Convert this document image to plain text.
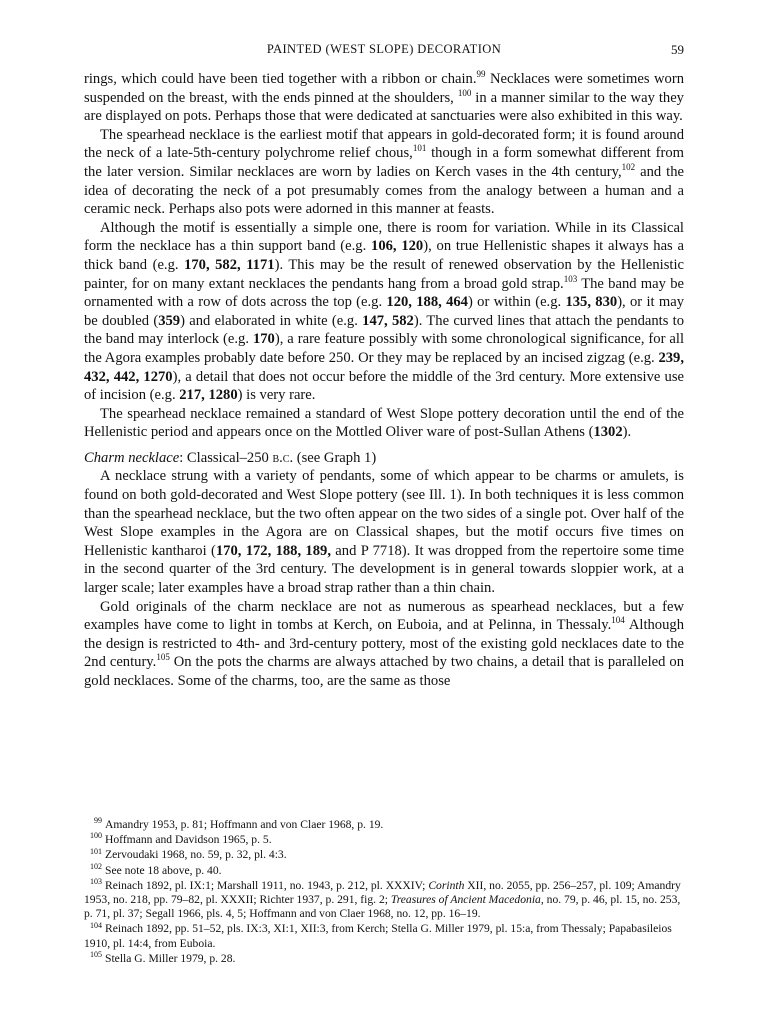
PAINTED (WEST SLOPE) DECORATION	59

rings, which could have been tied together with a ribbon or chain.$^{99}$ Necklaces were sometimes worn suspended on the breast, with the ends pinned at the shoulders, $^{100}$ in a manner similar to the way they are displayed on pots. Perhaps those that were dedicated at sanctuaries were also exhibited in this way.

The spearhead necklace is the earliest motif that appears in gold-decorated form; it is found around the neck of a late-5th-century polychrome relief chous,$^{101}$ though in a form somewhat different from the later version. Similar necklaces are worn by ladies on Kerch vases in the 4th century,$^{102}$ and the idea of decorating the neck of a pot presumably comes from the analogy between a human and a ceramic neck. Perhaps also pots were adorned in this manner at feasts.

Although the motif is essentially a simple one, there is room for variation. While in its Classical form the necklace has a thin support band (e.g. 106, 120), on true Hellenistic shapes it always has a thick band (e.g. 170, 582, 1171). This may be the result of renewed observation by the Hellenistic painter, for on many extant necklaces the pendants hang from a broad gold strap.$^{103}$ The band may be ornamented with a row of dots across the top (e.g. 120, 188, 464) or within (e.g. 135, 830), or it may be doubled (359) and elaborated in white (e.g. 147, 582). The curved lines that attach the pendants to the band may interlock (e.g. 170), a rare feature possibly with some chronological significance, for all the Agora examples probably date before 250. Or they may be replaced by an incised zigzag (e.g. 239, 432, 442, 1270), a detail that does not occur before the middle of the 3rd century. More extensive use of incision (e.g. 217, 1280) is very rare.

The spearhead necklace remained a standard of West Slope pottery decoration until the end of the Hellenistic period and appears once on the Mottled Oliver ware of post-Sullan Athens (1302).

Charm necklace: Classical–250 b.c. (see Graph 1)

A necklace strung with a variety of pendants, some of which appear to be charms or amulets, is found on both gold-decorated and West Slope pottery (see Ill. 1). In both techniques it is less common than the spearhead necklace, but the two often appear on the two sides of a single pot. Over half of the West Slope examples in the Agora are on Classical shapes, but the motif occurs five times on Hellenistic kantharoi (170, 172, 188, 189, and P 7718). It was dropped from the repertoire some time in the second quarter of the 3rd century. The development is in general towards sloppier work, at a larger scale; later examples have a broad strap rather than a thin chain.

Gold originals of the charm necklace are not as numerous as spearhead necklaces, but a few examples have come to light in tombs at Kerch, on Euboia, and at Pelinna, in Thessaly.$^{104}$ Although the design is restricted to 4th- and 3rd-century pottery, most of the existing gold necklaces date to the 2nd century.$^{105}$ On the pots the charms are always attached by two chains, a detail that is paralleled on gold necklaces. Some of the charms, too, are the same as those

$^{99}$ Amandry 1953, p. 81; Hoffmann and von Claer 1968, p. 19.

$^{100}$ Hoffmann and Davidson 1965, p. 5.

$^{101}$ Zervoudaki 1968, no. 59, p. 32, pl. 4:3.

$^{102}$ See note 18 above, p. 40.

$^{103}$ Reinach 1892, pl. IX:1; Marshall 1911, no. 1943, p. 212, pl. XXXIV; Corinth XII, no. 2055, pp. 256–257, pl. 109; Amandry 1953, no. 218, pp. 79–82, pl. XXXII; Richter 1937, p. 291, fig. 2; Treasures of Ancient Macedonia, no. 79, p. 46, pl. 15, no. 253, p. 71, pl. 37; Segall 1966, pls. 4, 5; Hoffmann and von Claer 1968, no. 12, pp. 16–19.

$^{104}$ Reinach 1892, pp. 51–52, pls. IX:3, XI:1, XII:3, from Kerch; Stella G. Miller 1979, pl. 15:a, from Thessaly; Papabasileios 1910, pl. 14:4, from Euboia.

$^{105}$ Stella G. Miller 1979, p. 28.
